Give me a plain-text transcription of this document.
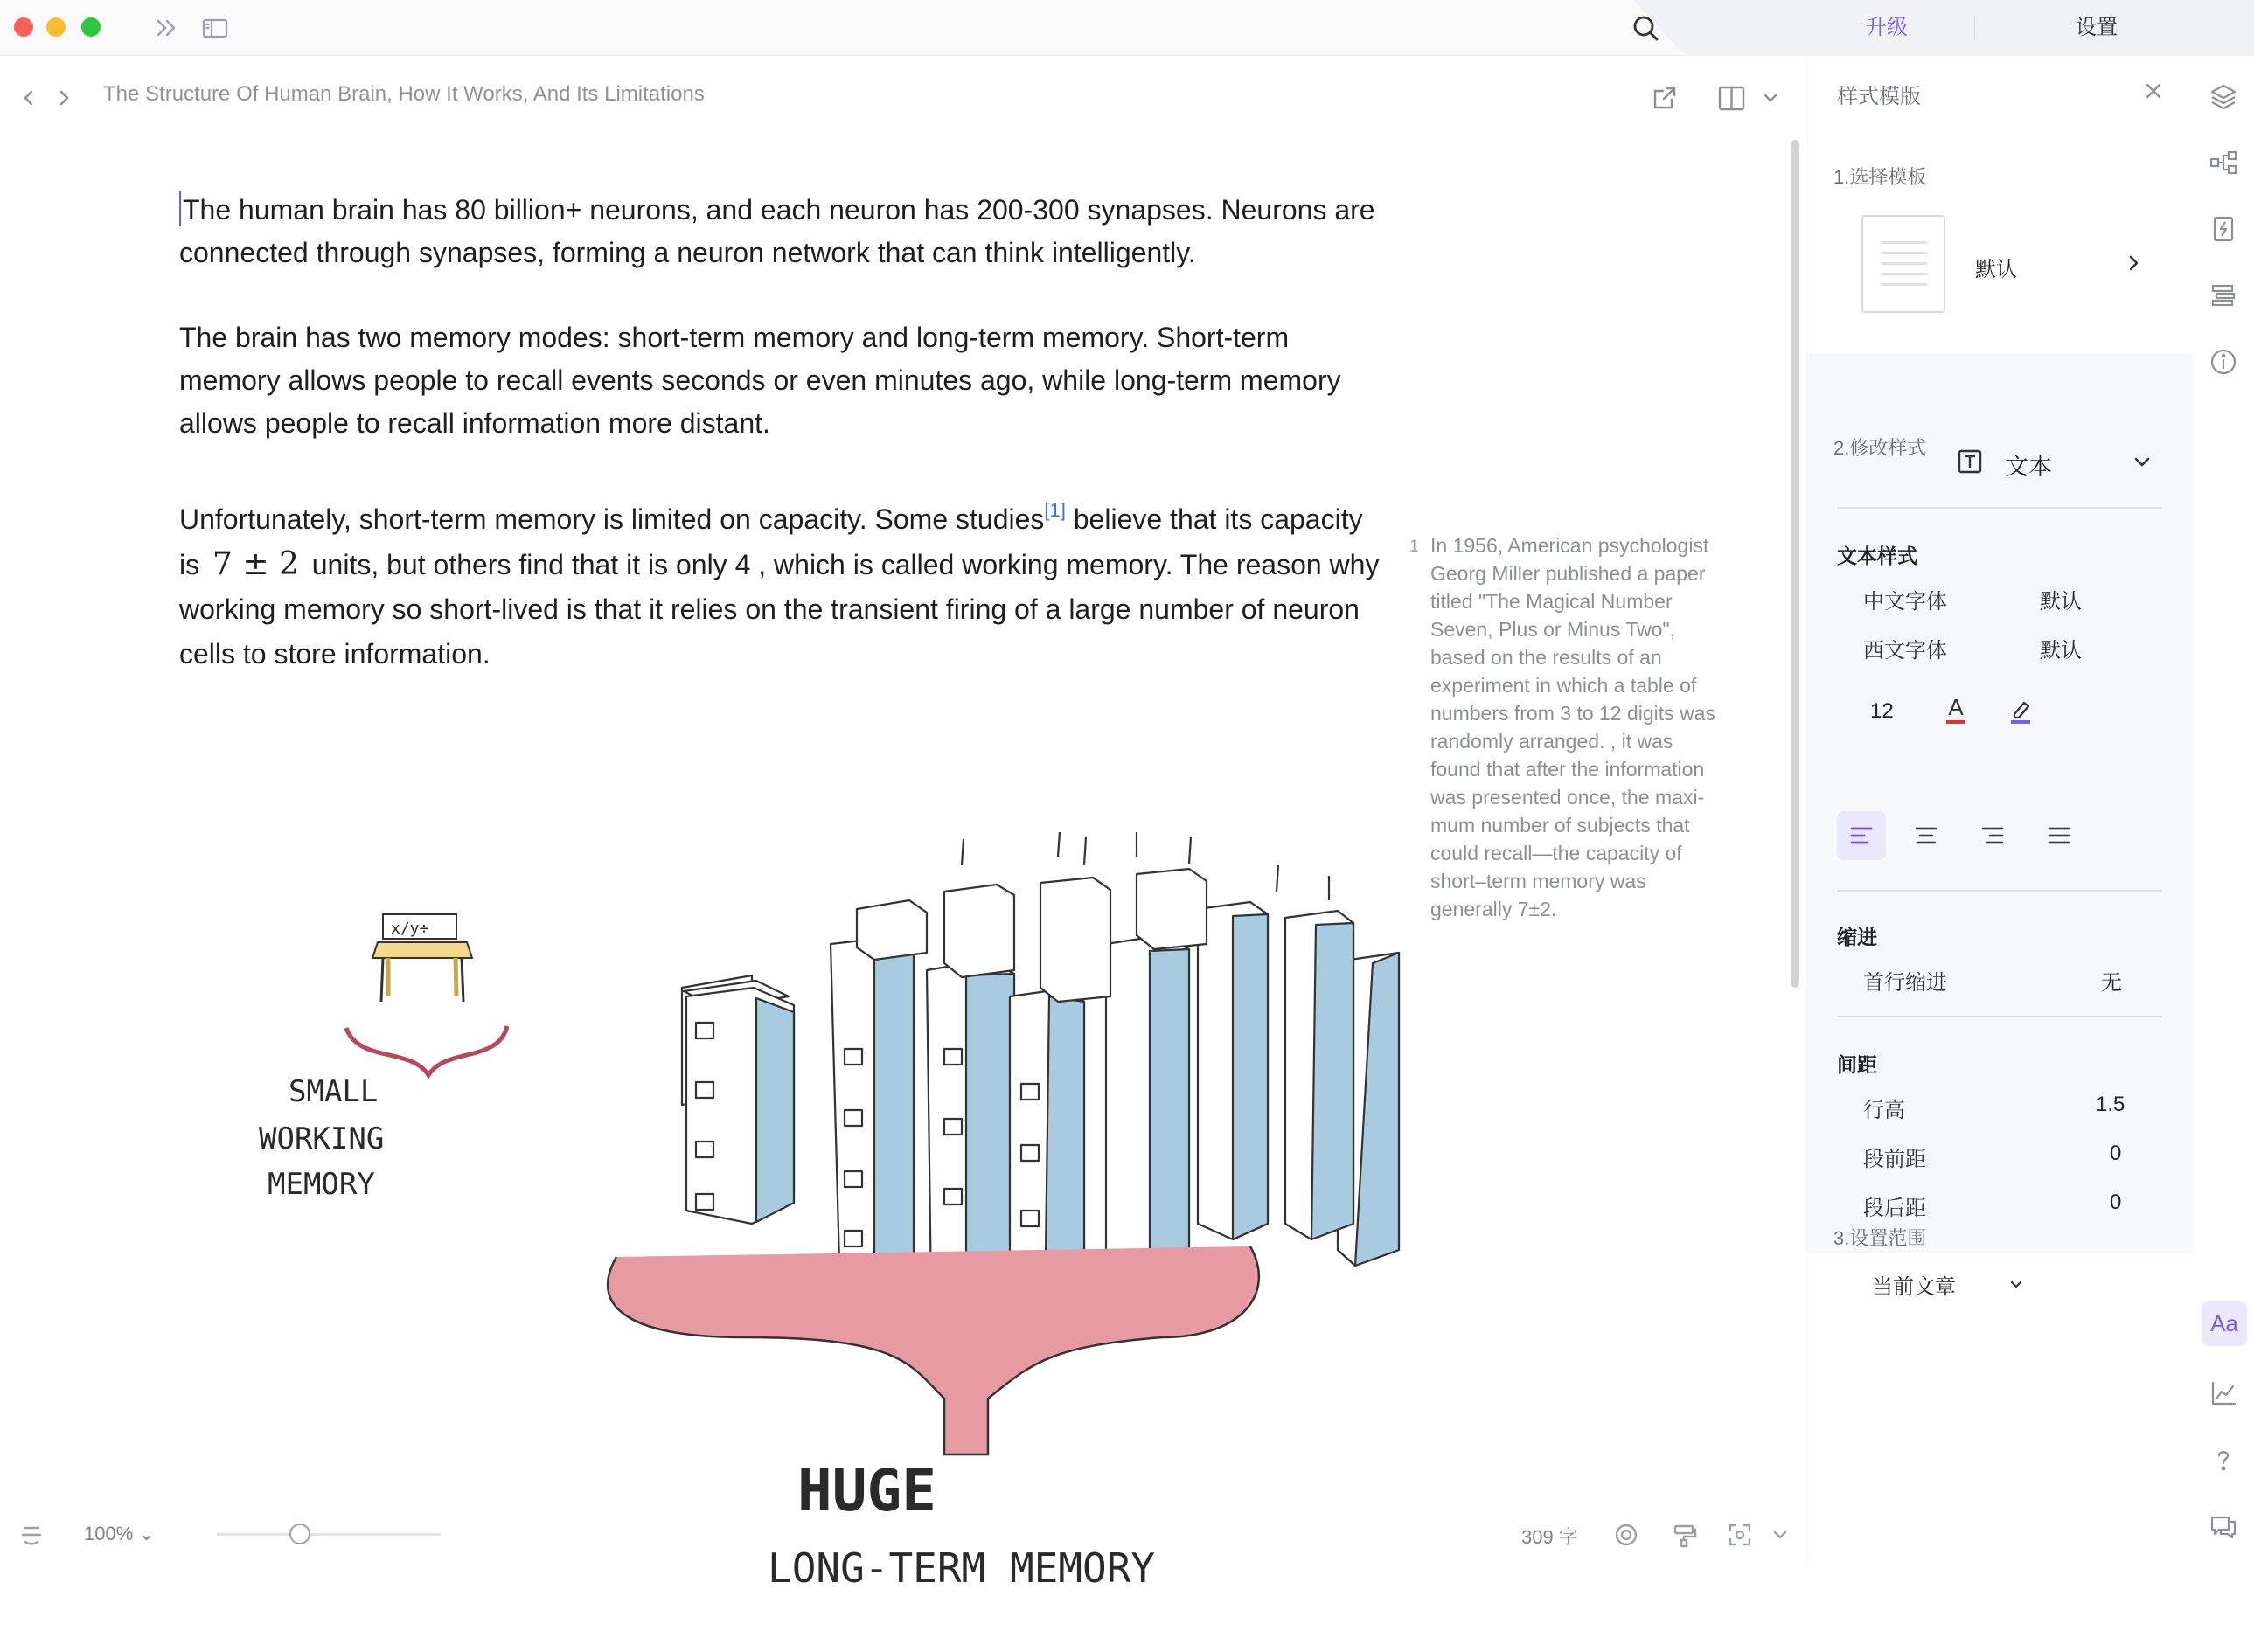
升级	设置
The Structure Of Human Brain, How It Works, And Its Limitations

The human brain has 80 billion+ neurons, and each neuron has 200-300 synapses. Neurons are connected through synapses, forming a neuron network that can think intelligently.

The brain has two memory modes: short-term memory and long-term memory. Short-term memory allows people to recall events seconds or even minutes ago, while long-term memory allows people to recall information more distant.

Unfortunately, short-term memory is limited on capacity. Some studies[1] believe that its capacity is 7 ± 2 units, but others find that it is only 4 , which is called working memory. The reason why working memory so short-lived is that it relies on the transient firing of a large number of neuron cells to store information.

1 In 1956, American psychologist Georg Miller published a paper titled "The Magical Number Seven, Plus or Minus Two", based on the results of an experiment in which a table of numbers from 3 to 12 digits was randomly arranged. , it was found that after the information was presented once, the maximum number of subjects that could recall—the capacity of short–term memory was generally 7±2.
x/y÷
SMALL
WORKING
MEMORY
HUGE
LONG-TERM MEMORY
100% ⌄	309 字
样式模版
1.选择模板
默认
2.修改样式
文本
文本样式
中文字体	默认
西文字体	默认
12 A
缩进
首行缩进	无
间距
行高	1.5
段前距	0
段后距	0
3.设置范围
当前文章
Aa
